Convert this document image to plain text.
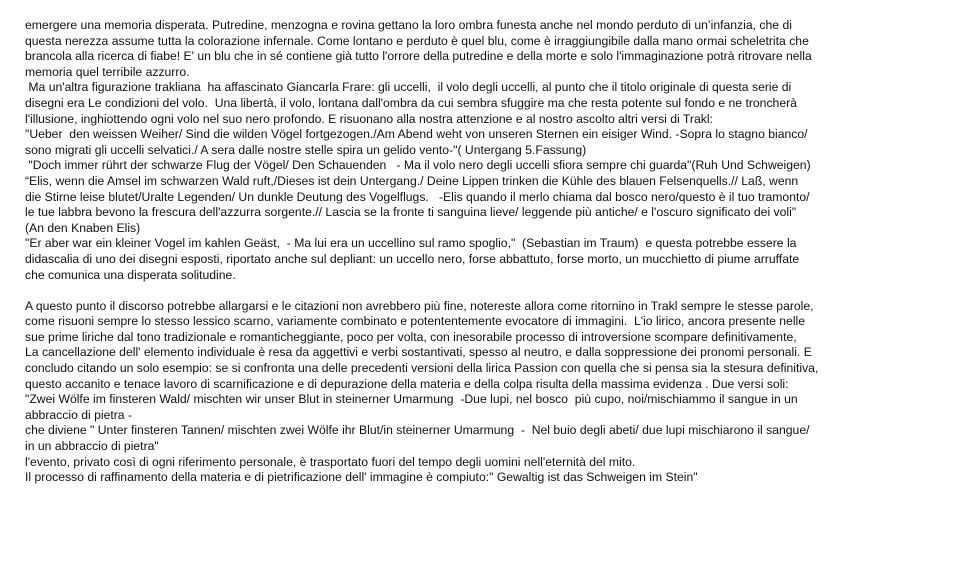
emergere una memoria disperata. Putredine, menzogna e rovina gettano la loro ombra funesta anche nel mondo perduto di un’infanzia, che di
questa nerezza assume tutta la colorazione infernale. Come lontano e perduto è quel blu, come è irraggiungibile dalla mano ormai scheletrita che
brancola alla ricerca di fiabe! E' un blu che in sé contiene già tutto l'orrore della putredine e della morte e solo l'immaginazione potrà ritrovare nella
memoria quel terribile azzurro.
Ma un'altra figurazione trakliana  ha affascinato Giancarla Frare: gli uccelli,  il volo degli uccelli, al punto che il titolo originale di questa serie di
disegni era Le condizioni del volo.  Una libertà, il volo, lontana dall'ombra da cui sembra sfuggire ma che resta potente sul fondo e ne troncherà
l'illusione, inghiottendo ogni volo nel suo nero profondo. E risuonano alla nostra attenzione e al nostro ascolto altri versi di Trakl:
"Ueber  den weissen Weiher/ Sind die wilden Vögel fortgezogen./Am Abend weht von unseren Sternen ein eisiger Wind. -Sopra lo stagno bianco/
sono migrati gli uccelli selvatici./ A sera dalle nostre stelle spira un gelido vento-"( Untergang 5.Fassung)
"Doch immer rührt der schwarze Flug der Vögel/ Den Schauenden   - Ma il volo nero degli uccelli sfiora sempre chi guarda"(Ruh Und Schweigen)
“Elis, wenn die Amsel im schwarzen Wald ruft,/Dieses ist dein Untergang./ Deine Lippen trinken die Kühle des blauen Felsenquells.// Laß, wenn
die Stirne leise blutet/Uralte Legenden/ Un dunkle Deutung des Vogelflugs.   -Elis quando il merlo chiama dal bosco nero/questo è il tuo tramonto/
le tue labbra bevono la frescura dell'azzurra sorgente.// Lascia se la fronte ti sanguina lieve/ leggende più antiche/ e l'oscuro significato dei voli"
(An den Knaben Elis)
"Er aber war ein kleiner Vogel im kahlen Geäst,  - Ma lui era un uccellino sul ramo spoglio,"  (Sebastian im Traum)  e questa potrebbe essere la
didascalia di uno dei disegni esposti, riportato anche sul depliant: un uccello nero, forse abbattuto, forse morto, un mucchietto di piume arruffate
che comunica una disperata solitudine.
A questo punto il discorso potrebbe allargarsi e le citazioni non avrebbero più fine, notereste allora come ritornino in Trakl sempre le stesse parole,
come risuoni sempre lo stesso lessico scarno, variamente combinato e potententemente evocatore di immagini.  L'io lirico, ancora presente nelle
sue prime liriche dal tono tradizionale e romanticheggiante, poco per volta, con inesorabile processo di introversione scompare definitivamente,
La cancellazione dell' elemento individuale è resa da aggettivi e verbi sostantivati, spesso al neutro, e dalla soppressione dei pronomi personali. E
concludo citando un solo esempio: se si confronta una delle precedenti versioni della lirica Passion con quella che si pensa sia la stesura definitiva,
questo accanito e tenace lavoro di scarnificazione e di depurazione della materia e della colpa risulta della massima evidenza . Due versi soli:
"Zwei Wölfe im finsteren Wald/ mischten wir unser Blut in steinerner Umarmung  -Due lupi, nel bosco  più cupo, noi/mischiammo il sangue in un
abbraccio di pietra -
che diviene " Unter finsteren Tannen/ mischten zwei Wölfe ihr Blut/in steinerner Umarmung  -  Nel buio degli abeti/ due lupi mischiarono il sangue/
in un abbraccio di pietra"
l'evento, privato così di ogni riferimento personale, è trasportato fuori del tempo degli uomini nell'eternità del mito.
Il processo di raffinamento della materia e di pietrificazione dell' immagine è compiuto:" Gewaltig ist das Schweigen im Stein"
